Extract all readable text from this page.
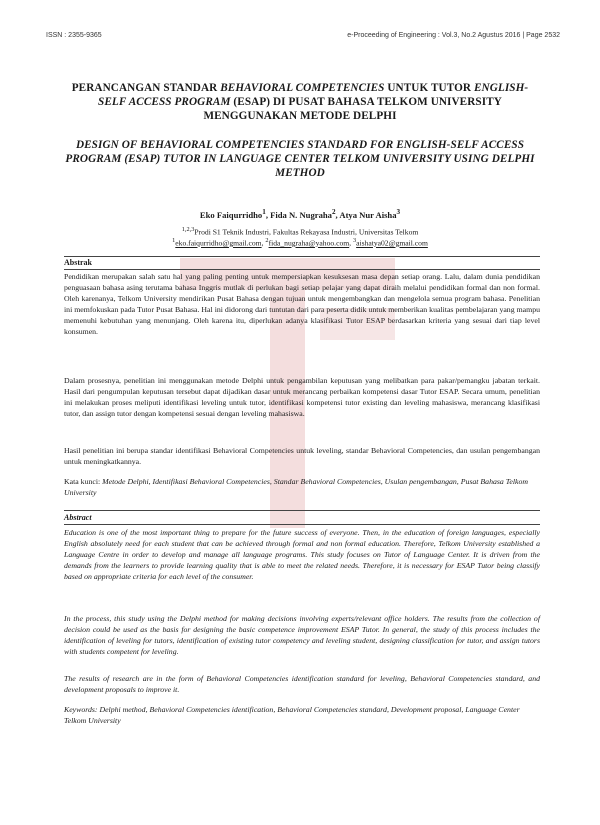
ISSN : 2355-9365	e-Proceeding of Engineering : Vol.3, No.2 Agustus 2016 | Page 2532
PERANCANGAN STANDAR BEHAVIORAL COMPETENCIES UNTUK TUTOR ENGLISH-SELF ACCESS PROGRAM (ESAP) DI PUSAT BAHASA TELKOM UNIVERSITY MENGGUNAKAN METODE DELPHI
DESIGN OF BEHAVIORAL COMPETENCIES STANDARD FOR ENGLISH-SELF ACCESS PROGRAM (ESAP) TUTOR IN LANGUAGE CENTER TELKOM UNIVERSITY USING DELPHI METHOD
Eko Faiqurridho$^1$, Fida N. Nugraha$^2$, Atya Nur Aisha$^3$
$^{1,2,3}$Prodi S1 Teknik Industri, Fakultas Rekayasa Industri, Universitas Telkom
$^1$eko.faiqurridho@gmail.com, $^2$fida_nugraha@yahoo.com, $^3$aishatya02@gmail.com
Abstrak

Pendidikan merupakan salah satu hal yang paling penting untuk mempersiapkan kesuksesan masa depan setiap orang. Lalu, dalam dunia pendidikan penguasaan bahasa asing terutama bahasa Inggris mutlak di perlukan bagi setiap pelajar yang dapat diraih melalui pendidikan formal dan non formal. Oleh karenanya, Telkom University mendirikan Pusat Bahasa dengan tujuan untuk mengembangkan dan mengelola semua program bahasa. Penelitian ini memfokuskan pada Tutor Pusat Bahasa. Hal ini didorong dari tuntutan dari para peserta didik untuk memberikan kualitas pembelajaran yang mampu memenuhi kebutuhan yang menunjang. Oleh karena itu, diperlukan adanya klasifikasi Tutor ESAP berdasarkan kriteria yang sesuai dari tiap level konsumen.

Dalam prosesnya, penelitian ini menggunakan metode Delphi untuk pengambilan keputusan yang melibatkan para pakar/pemangku jabatan terkait. Hasil dari pengumpulan keputusan tersebut dapat dijadikan dasar untuk merancang perbaikan kompetensi dasar Tutor ESAP. Secara umum, penelitian ini melakukan proses meliputi identifikasi leveling untuk tutor, identifikasi kompetensi tutor existing dan leveling mahasiswa, merancang klasifikasi tutor, dan assign tutor dengan kompetensi sesuai dengan leveling mahasiswa.

Hasil penelitian ini berupa standar identifikasi Behavioral Competencies untuk leveling, standar Behavioral Competencies, dan usulan pengembangan untuk meningkatkannya.

Kata kunci: Metode Delphi, Identifikasi Behavioral Competencies, Standar Behavioral Competencies, Usulan pengembangan, Pusat Bahasa Telkom University

Abstract

Education is one of the most important thing to prepare for the future success of everyone. Then, in the education of foreign languages, especially English absolutely need for each student that can be achieved through formal and non formal education. Therefore, Telkom University established a Language Centre in order to develop and manage all language programs. This study focuses on Tutor of Language Center. It is driven from the demands from the learners to provide learning quality that is able to meet the related needs. Therefore, it is necessary for ESAP Tutor being classify based on appropriate criteria for each level of the consumer.

In the process, this study using the Delphi method for making decisions involving experts/relevant office holders. The results from the collection of decision could be used as the basis for designing the basic competence improvement ESAP Tutor. In general, the study of this process includes the identification of leveling for tutors, identification of existing tutor competency and leveling student, designing classification for tutor, and assign tutors with students competent for leveling.

The results of research are in the form of Behavioral Competencies identification standard for leveling, Behavioral Competencies standard, and development proposals to improve it.

Keywords: Delphi method, Behavioral Competencies identification, Behavioral Competencies standard, Development proposal, Language Center Telkom University
